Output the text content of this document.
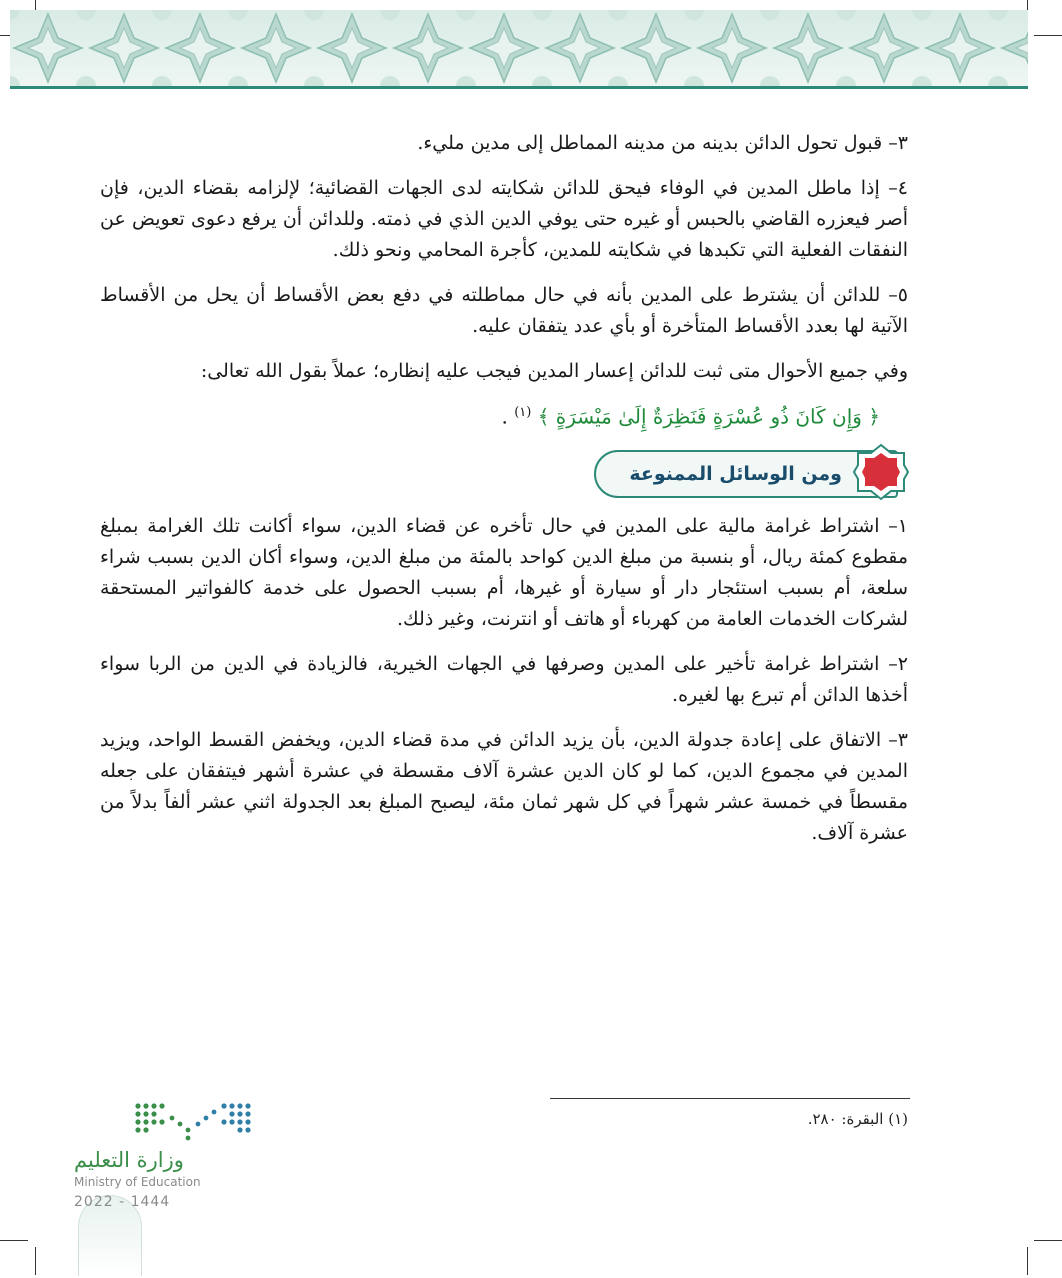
٣– قبول تحول الدائن بدينه من مدينه المماطل إلى مدين مليء.

٤– إذا ماطل المدين في الوفاء فيحق للدائن شكايته لدى الجهات القضائية؛ لإلزامه بقضاء الدين، فإن أصر فيعزره القاضي بالحبس أو غيره حتى يوفي الدين الذي في ذمته. وللدائن أن يرفع دعوى تعويض عن النفقات الفعلية التي تكبدها في شكايته للمدين، كأجرة المحامي ونحو ذلك.

٥– للدائن أن يشترط على المدين بأنه في حال مماطلته في دفع بعض الأقساط أن يحل من الأقساط الآتية لها بعدد الأقساط المتأخرة أو بأي عدد يتفقان عليه.

وفي جميع الأحوال متى ثبت للدائن إعسار المدين فيجب عليه إنظاره؛ عملاً بقول الله تعالى:

﴿ وَإِن كَانَ ذُو عُسْرَةٍ فَنَظِرَةٌ إِلَىٰ مَيْسَرَةٍ ﴾ $^{(١)}$ .
ومن الوسائل الممنوعة

١– اشتراط غرامة مالية على المدين في حال تأخره عن قضاء الدين، سواء أكانت تلك الغرامة بمبلغ مقطوع كمئة ريال، أو بنسبة من مبلغ الدين كواحد بالمئة من مبلغ الدين، وسواء أكان الدين بسبب شراء سلعة، أم بسبب استئجار دار أو سيارة أو غيرها، أم بسبب الحصول على خدمة كالفواتير المستحقة لشركات الخدمات العامة من كهرباء أو هاتف أو انترنت، وغير ذلك.

٢– اشتراط غرامة تأخير على المدين وصرفها في الجهات الخيرية، فالزيادة في الدين من الربا سواء أخذها الدائن أم تبرع بها لغيره.

٣– الاتفاق على إعادة جدولة الدين، بأن يزيد الدائن في مدة قضاء الدين، ويخفض القسط الواحد، ويزيد المدين في مجموع الدين، كما لو كان الدين عشرة آلاف مقسطة في عشرة أشهر فيتفقان على جعله مقسطاً في خمسة عشر شهراً في كل شهر ثمان مئة، ليصبح المبلغ بعد الجدولة اثني عشر ألفاً بدلاً من عشرة آلاف.

(١) البقرة: ٢٨٠.
وزارة التعليم
Ministry of Education
2022 - 1444
